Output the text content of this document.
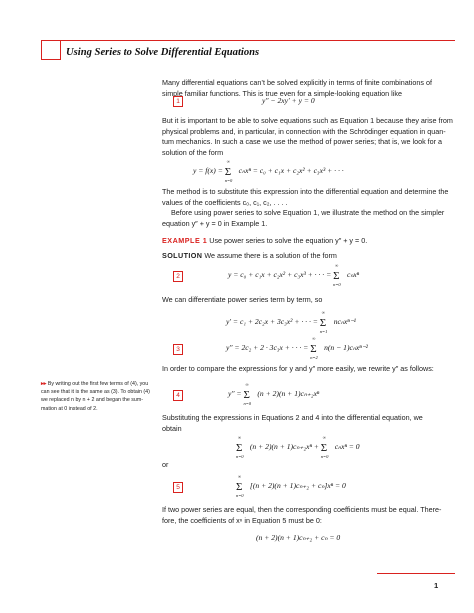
Using Series to Solve Differential Equations
Many differential equations can’t be solved explicitly in terms of finite combinations of
simple familiar functions. This is true even for a simple-looking equation like
1	y″ − 2xy′ + y = 0
But it is important to be able to solve equations such as Equation 1 because they arise from
physical problems and, in particular, in connection with the Schrödinger equation in quan-
tum mechanics. In such a case we use the method of power series; that is, we look for a
solution of the form
y = f(x) =
∞
Σ
n=0
cₙxⁿ = c₀ + c₁x + c₂x² + c₃x³ + · · ·
The method is to substitute this expression into the differential equation and determine the
values of the coefficients c₀, c₁, c₂, . . . .
Before using power series to solve Equation 1, we illustrate the method on the simpler
equation y″ + y = 0 in Example 1.
EXAMPLE 1 Use power series to solve the equation y″ + y = 0.
SOLUTION We assume there is a solution of the form
2	y = c₀ + c₁x + c₂x² + c₃x³ + · · · =
∞
Σ
n=0
cₙxⁿ
We can differentiate power series term by term, so
y′ = c₁ + 2c₂x + 3c₃x² + · · · =
∞
Σ
n=1
ncₙxⁿ⁻¹
3	y″ = 2c₂ + 2 · 3c₃x + · · · =
∞
Σ
n=2
n(n − 1)cₙxⁿ⁻²
In order to compare the expressions for y and y″ more easily, we rewrite y″ as follows:
▸▸ By writing out the first few terms of (4), you
can see that it is the same as (3). To obtain (4)
we replaced n by n + 2 and began the sum-
mation at 0 instead of 2.
4	y″ =
∞
Σ
n=0
(n + 2)(n + 1)cₙ₊₂xⁿ
Substituting the expressions in Equations 2 and 4 into the differential equation, we
obtain
∞
Σ
n=0
(n + 2)(n + 1)cₙ₊₂xⁿ +
∞
Σ
n=0
cₙxⁿ = 0
or
5
∞
Σ
n=0
[(n + 2)(n + 1)cₙ₊₂ + cₙ]xⁿ = 0
If two power series are equal, then the corresponding coefficients must be equal. There-
fore, the coefficients of xⁿ in Equation 5 must be 0:
(n + 2)(n + 1)cₙ₊₂ + cₙ = 0
1
